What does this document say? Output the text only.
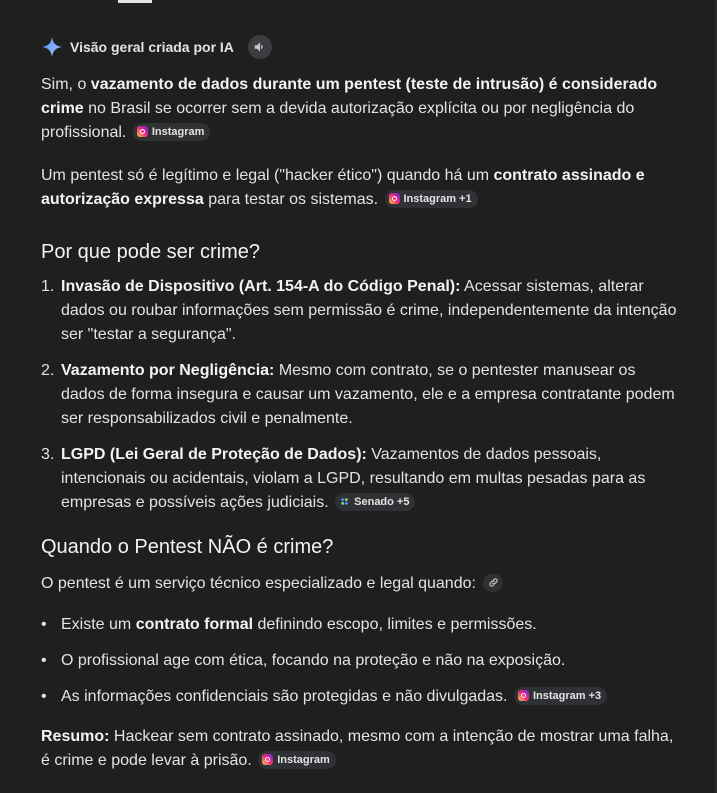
Visão geral criada por IA

Sim, o vazamento de dados durante um pentest (teste de intrusão) é considerado crime no Brasil se ocorrer sem a devida autorização explícita ou por negligência do profissional. Instagram

Um pentest só é legítimo e legal ("hacker ético") quando há um contrato assinado e autorização expressa para testar os sistemas. Instagram +1

Por que pode ser crime?
1. Invasão de Dispositivo (Art. 154-A do Código Penal): Acessar sistemas, alterar dados ou roubar informações sem permissão é crime, independentemente da intenção ser "testar a segurança".
2. Vazamento por Negligência: Mesmo com contrato, se o pentester manusear os dados de forma insegura e causar um vazamento, ele e a empresa contratante podem ser responsabilizados civil e penalmente.
3. LGPD (Lei Geral de Proteção de Dados): Vazamentos de dados pessoais, intencionais ou acidentais, violam a LGPD, resultando em multas pesadas para as empresas e possíveis ações judiciais. Senado +5
Quando o Pentest NÃO é crime?

O pentest é um serviço técnico especializado e legal quando:

• Existe um contrato formal definindo escopo, limites e permissões.
• O profissional age com ética, focando na proteção e não na exposição.
• As informações confidenciais são protegidas e não divulgadas. Instagram +3

Resumo: Hackear sem contrato assinado, mesmo com a intenção de mostrar uma falha, é crime e pode levar à prisão. Instagram
